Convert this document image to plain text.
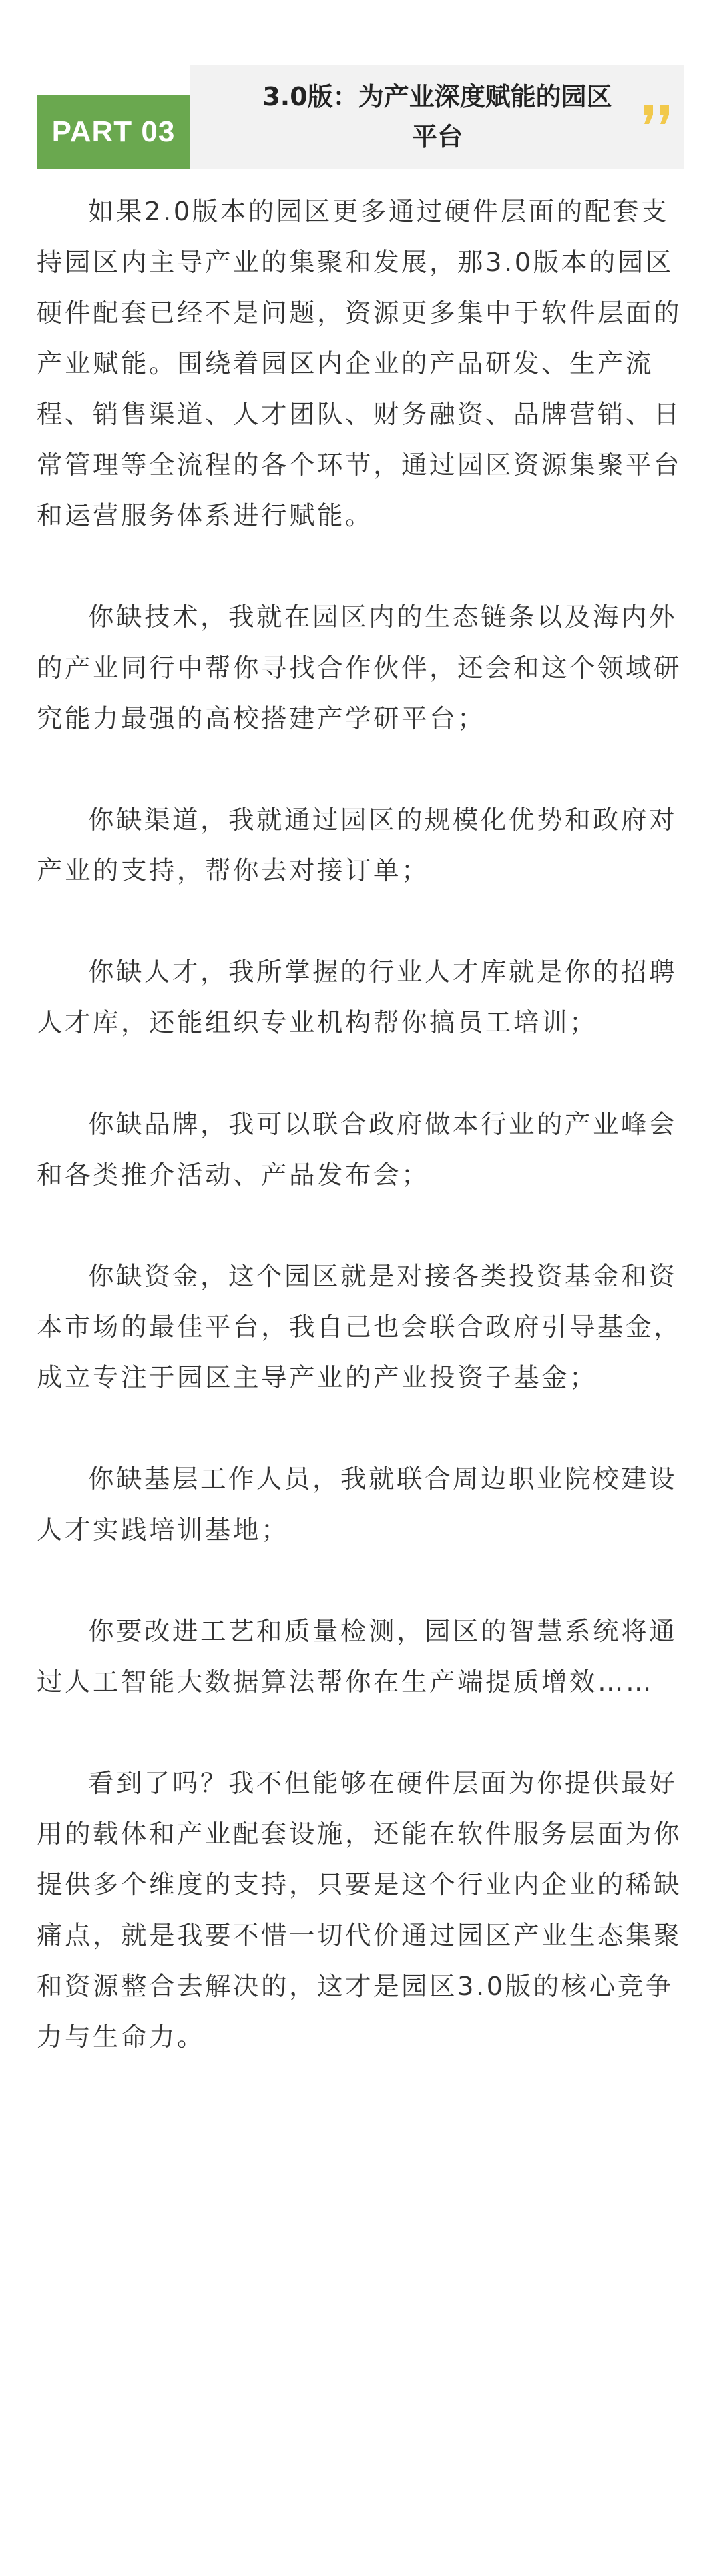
PART 03
3.0版：为产业深度赋能的园区
平台

如果2.0版本的园区更多通过硬件层面的配套支持园区内主导产业的集聚和发展，那3.0版本的园区硬件配套已经不是问题，资源更多集中于软件层面的产业赋能。围绕着园区内企业的产品研发、生产流程、销售渠道、人才团队、财务融资、品牌营销、日常管理等全流程的各个环节，通过园区资源集聚平台和运营服务体系进行赋能。

你缺技术，我就在园区内的生态链条以及海内外的产业同行中帮你寻找合作伙伴，还会和这个领域研究能力最强的高校搭建产学研平台；

你缺渠道，我就通过园区的规模化优势和政府对产业的支持，帮你去对接订单；

你缺人才，我所掌握的行业人才库就是你的招聘人才库，还能组织专业机构帮你搞员工培训；

你缺品牌，我可以联合政府做本行业的产业峰会和各类推介活动、产品发布会；

你缺资金，这个园区就是对接各类投资基金和资本市场的最佳平台，我自己也会联合政府引导基金，成立专注于园区主导产业的产业投资子基金；

你缺基层工作人员，我就联合周边职业院校建设人才实践培训基地；

你要改进工艺和质量检测，园区的智慧系统将通过人工智能大数据算法帮你在生产端提质增效……

看到了吗？我不但能够在硬件层面为你提供最好用的载体和产业配套设施，还能在软件服务层面为你提供多个维度的支持，只要是这个行业内企业的稀缺痛点，就是我要不惜一切代价通过园区产业生态集聚和资源整合去解决的，这才是园区3.0版的核心竞争力与生命力。
